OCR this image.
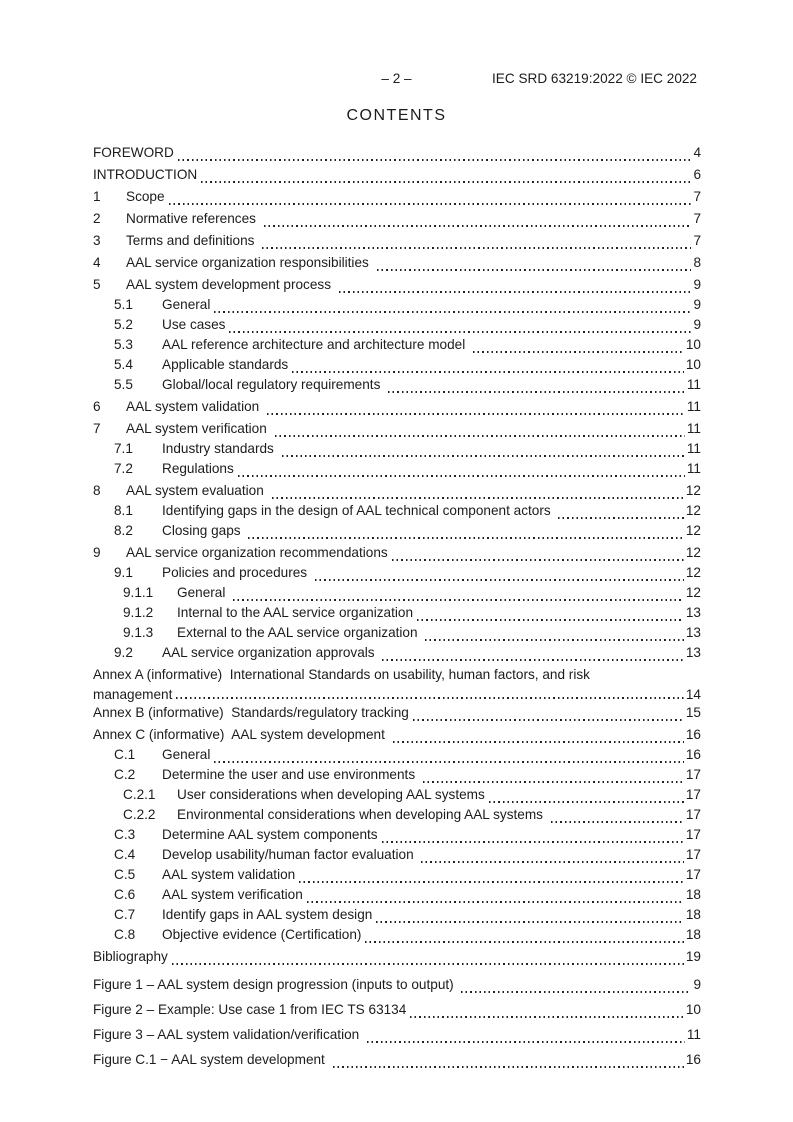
– 2 –	IEC SRD 63219:2022 © IEC 2022
CONTENTS
FOREWORD	4
INTRODUCTION	6
1	Scope	7
2	Normative references	7
3	Terms and definitions	7
4	AAL service organization responsibilities	8
5	AAL system development process	9
5.1	General	9
5.2	Use cases	9
5.3	AAL reference architecture and architecture model	10
5.4	Applicable standards	10
5.5	Global/local regulatory requirements	11
6	AAL system validation	11
7	AAL system verification	11
7.1	Industry standards	11
7.2	Regulations	11
8	AAL system evaluation	12
8.1	Identifying gaps in the design of AAL technical component actors	12
8.2	Closing gaps	12
9	AAL service organization recommendations	12
9.1	Policies and procedures	12
9.1.1	General	12
9.1.2	Internal to the AAL service organization	13
9.1.3	External to the AAL service organization	13
9.2	AAL service organization approvals	13
Annex A (informative)  International Standards on usability, human factors, and risk
management	14
Annex B (informative)  Standards/regulatory tracking	15
Annex C (informative)  AAL system development	16
C.1	General	16
C.2	Determine the user and use environments	17
C.2.1	User considerations when developing AAL systems	17
C.2.2	Environmental considerations when developing AAL systems	17
C.3	Determine AAL system components	17
C.4	Develop usability/human factor evaluation	17
C.5	AAL system validation	17
C.6	AAL system verification	18
C.7	Identify gaps in AAL system design	18
C.8	Objective evidence (Certification)	18
Bibliography	19
Figure 1 – AAL system design progression (inputs to output)	9
Figure 2 – Example: Use case 1 from IEC TS 63134	10
Figure 3 – AAL system validation/verification	11
Figure C.1 − AAL system development	16
